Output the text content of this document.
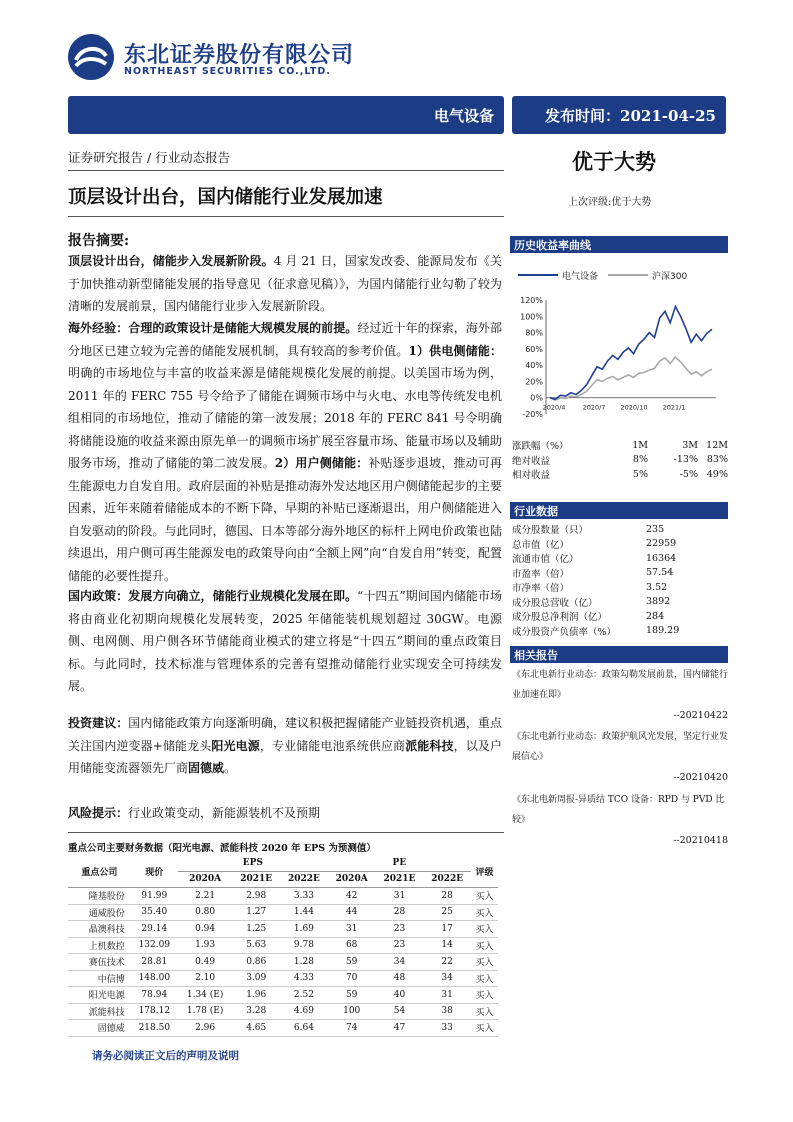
东北证券股份有限公司
NORTHEAST SECURITIES CO.,LTD.
电气设备	发布时间：2021-04-25
证券研究报告 / 行业动态报告	优于大势
顶层设计出台，国内储能行业发展加速	上次评级:优于大势
报告摘要:
顶层设计出台，储能步入发展新阶段。4 月 21 日，国家发改委、能源局发布《关于加快推动新型储能发展的指导意见（征求意见稿）》，为国内储能行业勾勒了较为清晰的发展前景，国内储能行业步入发展新阶段。
海外经验：合理的政策设计是储能大规模发展的前提。经过近十年的探索，海外部分地区已建立较为完善的储能发展机制，具有较高的参考价值。1）供电侧储能：明确的市场地位与丰富的收益来源是储能规模化发展的前提。以美国市场为例，2011 年的 FERC 755 号令给予了储能在调频市场中与火电、水电等传统发电机组相同的市场地位，推动了储能的第一波发展；2018 年的 FERC 841 号令明确将储能设施的收益来源由原先单一的调频市场扩展至容量市场、能量市场以及辅助服务市场，推动了储能的第二波发展。2）用户侧储能：补贴逐步退坡，推动可再生能源电力自发自用。政府层面的补贴是推动海外发达地区用户侧储能起步的主要因素，近年来随着储能成本的不断下降，早期的补贴已逐渐退出，用户侧储能进入自发驱动的阶段。与此同时，德国、日本等部分海外地区的标杆上网电价政策也陆续退出，用户侧可再生能源发电的政策导向由“全额上网”向“自发自用”转变，配置储能的必要性提升。
国内政策：发展方向确立，储能行业规模化发展在即。“十四五”期间国内储能市场将由商业化初期向规模化发展转变，2025 年储能装机规划超过 30GW。电源侧、电网侧、用户侧各环节储能商业模式的建立将是“十四五”期间的重点政策目标。与此同时，技术标准与管理体系的完善有望推动储能行业实现安全可持续发展。
投资建议：国内储能政策方向逐渐明确，建议积极把握储能产业链投资机遇，重点关注国内逆变器+储能龙头阳光电源，专业储能电池系统供应商派能科技，以及户用储能变流器领先厂商固德威。
风险提示：行业政策变动，新能源装机不及预期
历史收益率曲线
电气设备	沪深300
120%
100%
80%
60%
40%
20%
0%
-20%
2020/4	2020/7 2020/10 2021/1
涨跌幅（%）	1M	3M	12M
绝对收益	8%	-13%	83%
相对收益	5%	-5%	49%
行业数据
成分股数量（只）	235
总市值（亿）	22959
流通市值（亿）	16364
市盈率（倍）	57.54
市净率（倍）	3.52
成分股总营收（亿）	3892
成分股总净利润（亿）	284
成分股资产负债率（%）	189.29
相关报告
《东北电新行业动态：政策勾勒发展前景，国内储能行业加速在即》
--20210422
《东北电新行业动态：政策护航风光发展，坚定行业发展信心》
--20210420
《东北电新周报-异质结 TCO 设备：RPD 与 PVD 比较》
--20210418
重点公司主要财务数据（阳光电源、派能科技 2020 年 EPS 为预测值）
重点公司	现价	EPS			PE			评级
		2020A	2021E	2022E	2020A	2021E	2022E	
隆基股份	91.99	2.21	2.98	3.33	42	31	28	买入
通威股份	35.40	0.80	1.27	1.44	44	28	25	买入
晶澳科技	29.14	0.94	1.25	1.69	31	23	17	买入
上机数控	132.09	1.93	5.63	9.78	68	23	14	买入
赛伍技术	28.81	0.49	0.86	1.28	59	34	22	买入
中信博	148.00	2.10	3.09	4.33	70	48	34	买入
阳光电源	78.94	1.34 (E)	1.96	2.52	59	40	31	买入
派能科技	178.12	1.78 (E)	3.28	4.69	100	54	38	买入
固德威	218.50	2.96	4.65	6.64	74	47	33	买入
请务必阅读正文后的声明及说明
